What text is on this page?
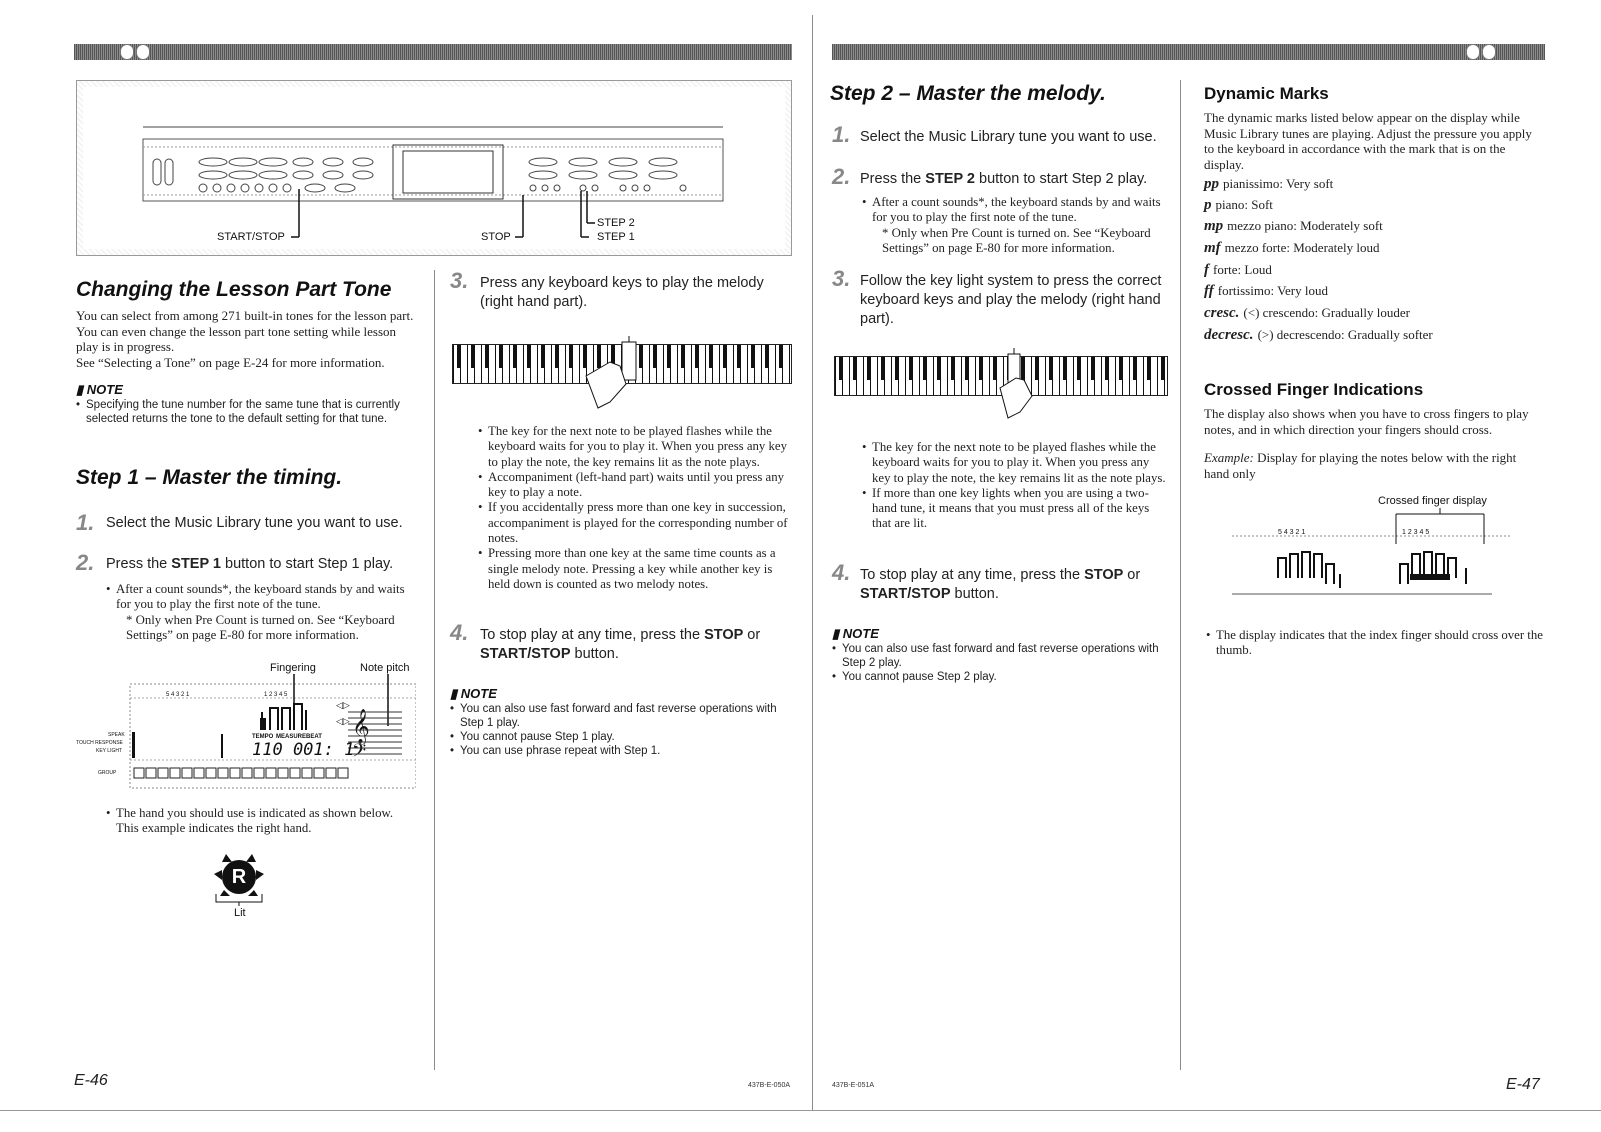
START/STOP	STOP
STEP 2
STEP 1
Changing the Lesson Part Tone
You can select from among 271 built-in tones for the lesson part. You can even change the lesson part tone setting while lesson play is in progress.
See “Selecting a Tone” on page E-24 for more information.
▮ NOTE
• Specifying the tune number for the same tune that is currently selected returns the tone to the default setting for that tune.
Step 1 – Master the timing.
1. Select the Music Library tune you want to use.
2. Press the STEP 1 button to start Step 1 play.
• After a count sounds*, the keyboard stands by and waits for you to play the first note of the tune.
* Only when Pre Count is turned on. See “Keyboard Settings” on page E-80 for more information.
Fingering	Note pitch
5 4 3 2 1	1 2 3 4 5
◁▷
◁▷ 𝄞
𝄢
SPEAK
TOUCH RESPONSE
KEY LIGHT
GROUP
TEMPO MEASURE BEAT
110 001: 1
• The hand you should use is indicated as shown below. This example indicates the right hand.
R
Lit
3. Press any keyboard keys to play the melody (right hand part).
• The key for the next note to be played flashes while the keyboard waits for you to play it. When you press any key to play the note, the key remains lit as the note plays.
• Accompaniment (left-hand part) waits until you press any key to play a note.
• If you accidentally press more than one key in succession, accompaniment is played for the corresponding number of notes.
• Pressing more than one key at the same time counts as a single melody note. Pressing a key while another key is held down is counted as two melody notes.
4. To stop play at any time, press the STOP or START/STOP button.
▮ NOTE
• You can also use fast forward and fast reverse operations with Step 1 play.
• You cannot pause Step 1 play.
• You can use phrase repeat with Step 1.
E-46	437B-E-050A
Step 2 – Master the melody.
1. Select the Music Library tune you want to use.
2. Press the STEP 2 button to start Step 2 play.
• After a count sounds*, the keyboard stands by and waits for you to play the first note of the tune.
* Only when Pre Count is turned on. See “Keyboard Settings” on page E-80 for more information.
3. Follow the key light system to press the correct keyboard keys and play the melody (right hand part).
• The key for the next note to be played flashes while the keyboard waits for you to play it. When you press any key to play the note, the key remains lit as the note plays.
• If more than one key lights when you are using a two-hand tune, it means that you must press all of the keys that are lit.
4. To stop play at any time, press the STOP or START/STOP button.
▮ NOTE
• You can also use fast forward and fast reverse operations with Step 2 play.
• You cannot pause Step 2 play.
437B-E-051A
Dynamic Marks
The dynamic marks listed below appear on the display while Music Library tunes are playing. Adjust the pressure you apply to the keyboard in accordance with the mark that is on the display.
pp pianissimo: Very soft
p piano: Soft
mp mezzo piano: Moderately soft
mf mezzo forte: Moderately loud
f forte: Loud
ff fortissimo: Very loud
cresc. (<) crescendo: Gradually louder
decresc. (>) decrescendo: Gradually softer
Crossed Finger Indications
The display also shows when you have to cross fingers to play notes, and in which direction your fingers should cross.
Example: Display for playing the notes below with the right hand only
Crossed finger display
5 4 3 2 1	1 2 3 4 5
• The display indicates that the index finger should cross over the thumb.
E-47
